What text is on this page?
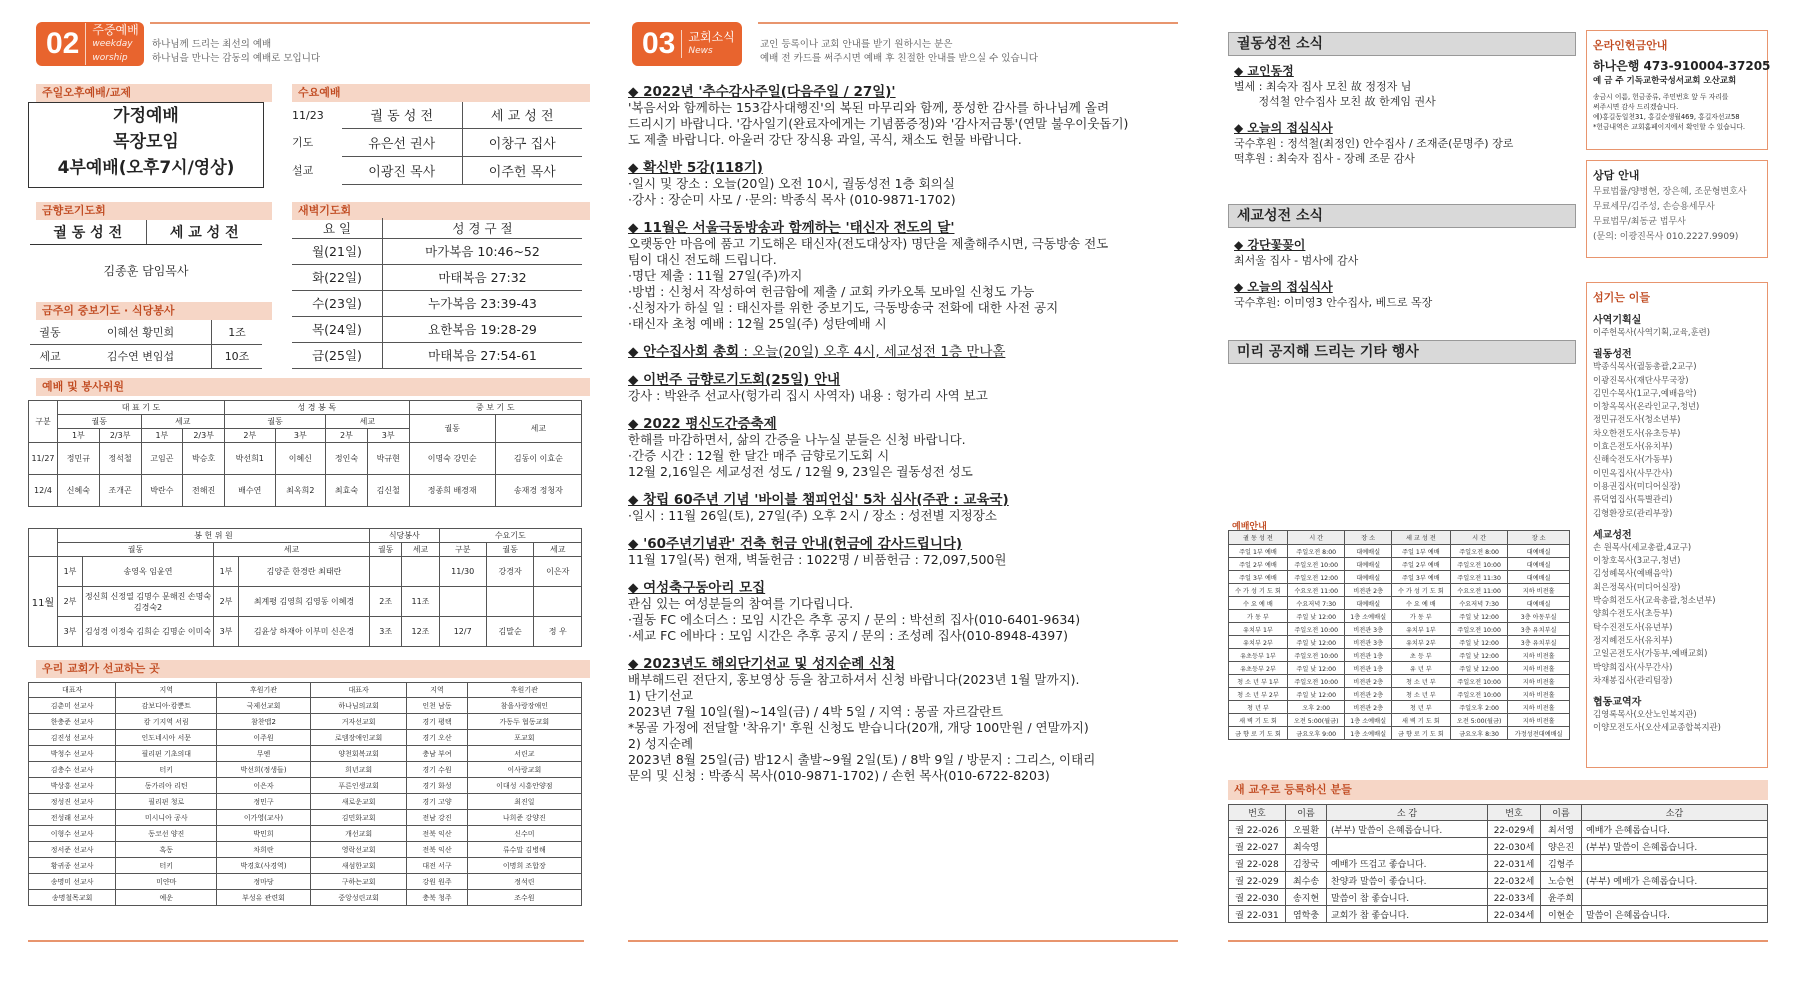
02	주중예배
weekday worship
하나님께 드리는 최선의 예배
하나님을 만나는 감동의 예배로 모입니다
주일오후예배/교제
가정예배
목장모임
4부예배(오후7시/영상)
수요예배
11/23	궐 동 성 전	세 교 성 전
기도	유은선 권사	이창구 집사
설교	이광진 목사	이주헌 목사
금향로기도회
궐 동 성 전	세 교 성 전
김종훈 담임목사
새벽기도회
요 일	성 경 구 절
월(21일)	마가복음 10:46~52
화(22일)	마태복음 27:32
수(23일)	누가복음 23:39-43
목(24일)	요한복음 19:28-29
금(25일)	마태복음 27:54-61
금주의 중보기도 · 식당봉사
궐동	이혜선 황민희	1조
세교	김수연 변임섭	10조
예배 및 봉사위원
구분	대 표 기 도				성 경 봉 독				중 보 기 도	
	궐동		세교		궐동		세교		궐동	세교
	1부	2/3부	1부	2/3부	2부	3부	2부	3부		
11/27	정민규	정석철	고임곤	박승호	박선희1	이혜신	정인숙	박규현	이명숙 강민순	김동이 이효순
12/4	신혜숙	조개곤	박란수	전해진	배수연	최옥희2	최효숙	김신철	정종희 배경재	송재경 정청자
	봉 헌 위 원				식당봉사		수요기도		
	궐동		세교		궐동	세교	구분	궐동	세교
11월	1부	송영옥 임윤연	1부	김양준 한경란 최태란			11/30	강경자	이은자
	2부	정신희 신정열 김명수 문해진 손명숙 김경숙2	2부	최계평 김영희 김영동 이혜경	2조	11조			
	3부	김성경 이정숙 김희순 김명순 이미숙	3부	김윤상 하재아 이부미 신은경	3조	12조	12/7	김말순	정 우
우리 교회가 선교하는 곳
대표자	지역	후원기관	대표자	지역	후원기관
김춘미 선교사	감보디아·캄뿐트	국제선교회	하나님의교회	인천 남동	참을사랑장애인
한충준 선교사	캄 기지역 서림	참찬맵2	거자선교회	경기 평택	가동두 협동교회
김진성 선교사	인도네시아 서문	이주원	로뎀장애인교회	경기 오산	포교회
박청수 선교사	필리핀 기초의대	무엔	양천회복교회	충남 부여	서린교
김충수 선교사	터키	박선희(정생들)	희년교회	경기 수원	이사랑교회
박상흥 선교사	동가리아 리틴	이은자	푸른인생교회	경기 화성	이대성 시흥안양점
정성진 선교사	필리핀 청로	정민구	새로운교회	경기 고양	최진일
전성래 선교사	미시니아 공사	이가영(교사)	김민화교회	전남 강진	나희준 강양진
이형수 선교사	동코선 양진	박민희	개선교회	전북 익산	신수미
정서준 선교사	혹동	차희란	영락선교회	전북 익산	류수말 김병해
황귀종 선교사	터키	박경호(사경역)	새섬한교회	대전 서구	이명희 조합장
송명미 선교사	미얀마	정마당	구하는교회	강원 원주	정석린
송명철목교회	예운	부성유 관련회	중앙성린교회	충북 청주	조수원
03	교회소식
News
교인 등록이나 교회 안내를 받기 원하시는 분은
예배 전 카드를 써주시면 예배 후 친절한 안내를 받으실 수 있습니다
◆ 2022년 '추수감사주일(다음주일 / 27일)'
'복음서와 함께하는 153감사대행진'의 복된 마무리와 함께, 풍성한 감사를 하나님께 올려
드리시기 바랍니다. '감사일기(완료자에게는 기념품증정)와 '감사저금통'(연말 불우이웃돕기)
도 제출 바랍니다. 아울러 강단 장식용 과일, 곡식, 채소도 헌물 바랍니다.
◆ 확신반 5강(118기)
·일시 및 장소 : 오늘(20일) 오전 10시, 궐동성전 1층 회의실
·강사 : 장순미 사모 / ·문의: 박종식 목사 (010-9871-1702)
◆ 11월은 서울극동방송과 함께하는 '태신자 전도의 달'
오랫동안 마음에 품고 기도해온 태신자(전도대상자) 명단을 제출해주시면, 극동방송 전도
팀이 대신 전도해 드립니다.
·명단 제출 : 11월 27일(주)까지
·방법 : 신청서 작성하여 헌금함에 제출 / 교회 카카오톡 모바일 신청도 가능
·신청자가 하실 일 : 태신자를 위한 중보기도, 극동방송국 전화에 대한 사전 공지
·태신자 초청 예배 : 12월 25일(주) 성탄예배 시
◆ 안수집사회 총회 : 오늘(20일) 오후 4시, 세교성전 1층 만나홀
◆ 이번주 금향로기도회(25일) 안내
강사 : 박완주 선교사(헝가리 집시 사역자) 내용 : 헝가리 사역 보고
◆ 2022 평신도간증축제
한해를 마감하면서, 삶의 간증을 나누실 분들은 신청 바랍니다.
·간증 시간 : 12월 한 달간 매주 금향로기도회 시
12월 2,16일은 세교성전 성도 / 12월 9, 23일은 궐동성전 성도
◆ 창립 60주년 기념 '바이블 챔피언십' 5차 심사(주관 : 교육국)
·일시 : 11월 26일(토), 27일(주) 오후 2시 / 장소 : 성전별 지정장소
◆ '60주년기념관' 건축 헌금 안내(헌금에 감사드립니다)
11월 17일(목) 현재, 벽돌헌금 : 1022명 / 비품헌금 : 72,097,500원
◆ 여성축구동아리 모집
관심 있는 여성분들의 참여를 기다립니다.
·궐동 FC 에소더스 : 모임 시간은 추후 공지 / 문의 : 박선희 집사(010-6401-9634)
·세교 FC 에바다 : 모임 시간은 추후 공지 / 문의 : 조성례 집사(010-8948-4397)
◆ 2023년도 해외단기선교 및 성지순례 신청
배부해드린 전단지, 홍보영상 등을 참고하셔서 신청 바랍니다(2023년 1월 말까지).
1) 단기선교
2023년 7월 10일(월)~14일(금) / 4박 5일 / 지역 : 몽골 자르갈란트
*몽골 가정에 전달할 '착유기' 후원 신청도 받습니다(20개, 개당 100만원 / 연말까지)
2) 성지순례
2023년 8월 25일(금) 밤12시 출발~9월 2일(토) / 8박 9일 / 방문지 : 그리스, 이태리
문의 및 신청 : 박종식 목사(010-9871-1702) / 손헌 목사(010-6722-8203)
궐동성전 소식
◆ 교인동정
별세 : 최숙자 집사 모친 故 정정자 님
정석철 안수집사 모친 故 한계임 권사
◆ 오늘의 접심식사
국수후원 : 정석철(최정인) 안수집사 / 조재준(문명주) 장로
떡후원 : 최숙자 집사 - 장례 조문 감사
세교성전 소식
◆ 강단꽃꽂이
최서울 집사 - 범사에 감사
◆ 오늘의 접심식사
국수후원: 이미영3 안수집사, 베드로 목장
미리 공지해 드리는 기타 행사
온라인헌금안내
하나은행 473-910004-37205
예 금 주 기독교한국성서교회 오산교회
송금시 이름, 헌금종류, 주민번호 앞 두 자리를
써주시면 감사 드리겠습니다.
예)홍길동일천31, 홍길순생월469, 홍길자선교58
*헌금내역은 교회홈페이지에서 확인할 수 있습니다.
상담 안내
무료법률/양병현, 장은혜, 조문형변호사
무료세무/김주성, 손승용세무사
무료법무/최동균 법무사
(문의: 이광진목사 010.2227.9909)
섬기는 이들
사역기획실
이주헌목사(사역기획,교육,훈련)
궐동성전
박종식목사(궐동총괄,2교구)
이광진목사(재단사무국장)
김민수목사(1교구,예배음악)
이창옥목사(온라인교구,청년)
정민규전도사(청소년부)
차오한전도사(유초등부)
이효은전도사(유치부)
신해숙전도사(가동부)
이민옥집사(사무간사)
이용권집사(미디어실장)
류덕엽집사(특별관리)
김형환장로(관리부장)
세교성전
손 원목사(세교총괄,4교구)
이창호목사(3교구,청년)
김성혜목사(예배음악)
최은정목사(미디어실장)
박승희전도사(교육총괄,청소년부)
양희수전도사(초등부)
탁수진전도사(유년부)
정지혜전도사(유치부)
고일곤전도사(가동부,예배교회)
박양희집사(사무간사)
차재봉집사(관리팀장)
협동교역자
김영록목사(오산노인복지관)
이양모전도사(오산세교종합복지관)
예배안내
궐 동 성 전	시 간	장 소	세 교 성 전	시 간	장 소
주일 1부 예배	주일오전 8:00	대예배실	주일 1부 예배	주일오전 8:00	대예배실
주일 2부 예배	주일오전 10:00	대예배실	주일 2부 예배	주일오전 10:00	대예배실
주일 3부 예배	주일오전 12:00	대예배실	주일 3부 예배	주일오전 11:30	대예배실
수 가 성 기 도 회	수요오전 11:00	비전관 2층	수 가 성 기 도 회	수요오전 11:00	지하 비전홀
수 요 예 배	수요저녁 7:30	대예배실	수 요 예 배	수요저녁 7:30	대예배실
가 동 부	주일 낮 12:00	1층 소예배실	가 동 부	주일 낮 12:00	3층 아동부실
유치부 1부	주일오전 10:00	비전관 3층	유치부 1부	주일오전 10:00	3층 유치부실
유치부 2부	주일 낮 12:00	비전관 3층	유치부 2부	주일 낮 12:00	3층 유치부실
유초등부 1부	주일오전 10:00	비전관 1층	초 등 부	주일 낮 12:00	지하 비전홀
유초등부 2부	주일 낮 12:00	비전관 1층	유 년 부	주일 낮 12:00	지하 비전홀
청 소 년 부 1부	주일오전 10:00	비전관 2층	청 소 년 부	주일오전 10:00	지하 비전홀
청 소 년 부 2부	주일 낮 12:00	비전관 2층	청 소 년 부	주일오전 10:00	지하 비전홀
청 년 부	오후 2:00	비전관 2층	청 년 부	주일오후 2:00	지하 비전홀
새 벽 기 도 회	오전 5:00(월금)	1층 소예배실	새 벽 기 도 회	오전 5:00(월금)	지하 비전홀
금 향 로 기 도 회	금요오후 9:00	1층 소예배실	금 향 로 기 도 회	금요오후 8:30	가정성전대예배실
새 교우로 등록하신 분들
번호	이름	소 감	번호	이름	소감
궐 22-026	오필환	(부부) 말씀이 은혜롭습니다.	22-029세	최서영	예배가 은혜롭습니다.
궐 22-027	최숙영		22-030세	양은진	(부부) 말씀이 은혜롭습니다.
궐 22-028	김창국	예배가 뜨겁고 좋습니다.	22-031세	김형주	
궐 22-029	최수송	찬양과 말씀이 좋습니다.	22-032세	노승현	(부부) 예배가 은혜롭습니다.
궐 22-030	송지현	말씀이 참 좋습니다.	22-033세	윤주희	
궐 22-031	염학충	교회가 참 좋습니다.	22-034세	이현순	말씀이 은혜롭습니다.
